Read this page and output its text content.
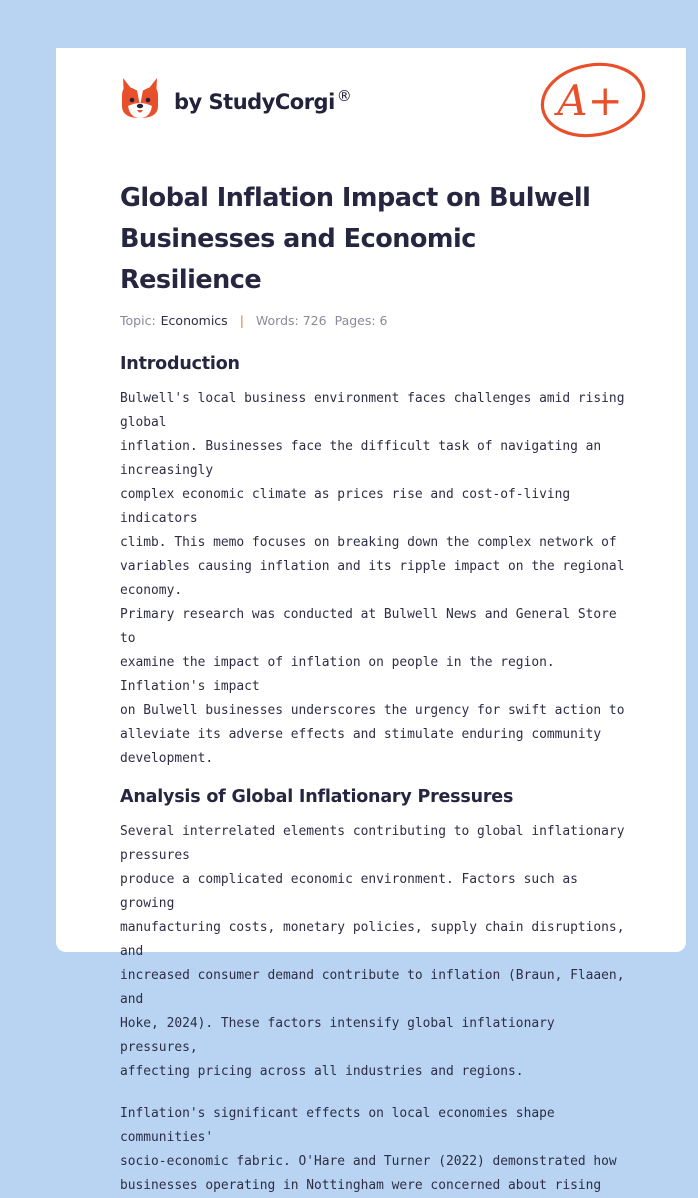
by StudyCorgi ®	A+
Global Inflation Impact on Bulwell
Businesses and Economic
Resilience
Topic: Economics | Words: 726 Pages: 6
Introduction

Bulwell's local business environment faces challenges amid rising global
inflation. Businesses face the difficult task of navigating an increasingly
complex economic climate as prices rise and cost-of-living indicators
climb. This memo focuses on breaking down the complex network of
variables causing inflation and its ripple impact on the regional economy.
Primary research was conducted at Bulwell News and General Store to
examine the impact of inflation on people in the region. Inflation's impact
on Bulwell businesses underscores the urgency for swift action to
alleviate its adverse effects and stimulate enduring community
development.

Analysis of Global Inflationary Pressures

Several interrelated elements contributing to global inflationary pressures
produce a complicated economic environment. Factors such as growing
manufacturing costs, monetary policies, supply chain disruptions, and
increased consumer demand contribute to inflation (Braun, Flaaen, and
Hoke, 2024). These factors intensify global inflationary pressures,
affecting pricing across all industries and regions.

Inflation's significant effects on local economies shape communities'
socio-economic fabric. O'Hare and Turner (2022) demonstrated how
businesses operating in Nottingham were concerned about rising
